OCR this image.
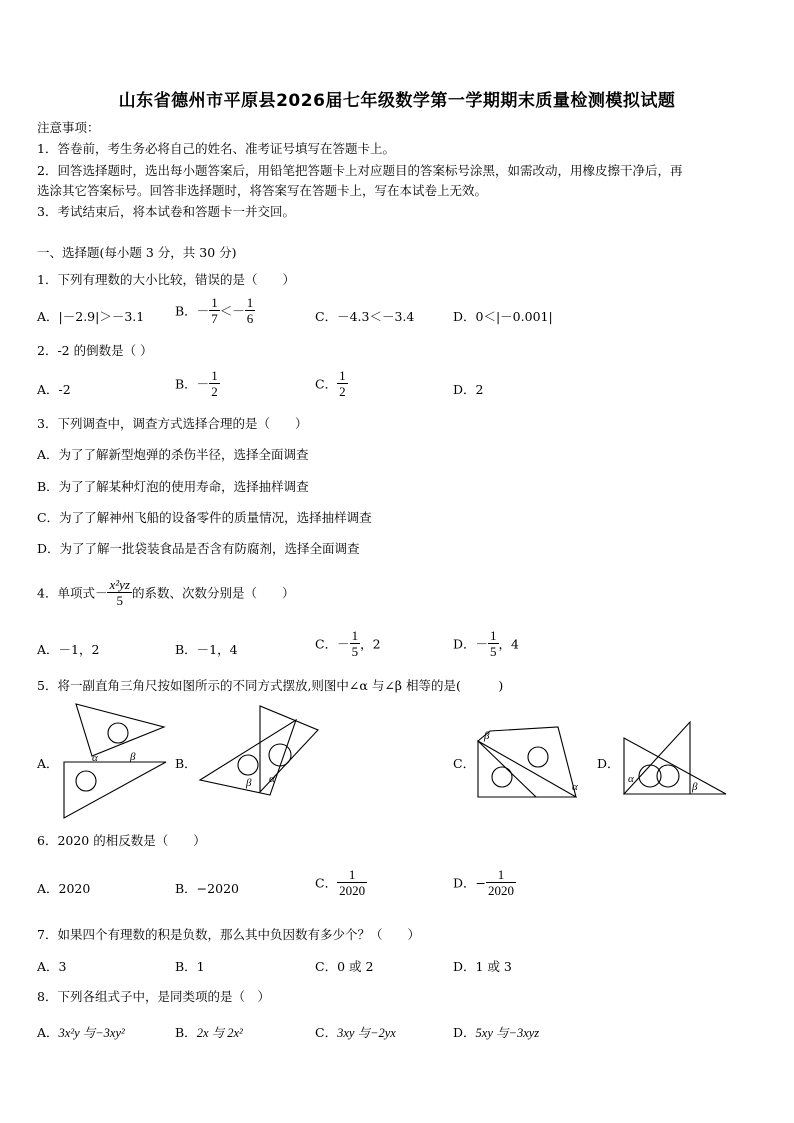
山东省德州市平原县2026届七年级数学第一学期期末质量检测模拟试题
注意事项：
1．答卷前，考生务必将自己的姓名、准考证号填写在答题卡上。
2．回答选择题时，选出每小题答案后，用铅笔把答题卡上对应题目的答案标号涂黑，如需改动，用橡皮擦干净后，再
选涂其它答案标号。回答非选择题时，将答案写在答题卡上，写在本试卷上无效。
3．考试结束后，将本试卷和答题卡一并交回。
一、选择题(每小题 3 分，共 30 分)
1．下列有理数的大小比较，错误的是（　　）
A．|－2.9|＞－3.1 B．－ $\frac{1}{7} <- \frac{1}{6}$	C．－4.3＜－3.4	D．0＜|－0.001|
2．-2 的倒数是（ ）
A．-2	B．－ $\frac{1}{2}$	C． $\frac{1}{2}$	D．2
3．下列调查中，调查方式选择合理的是（　　）
A．为了了解新型炮弹的杀伤半径，选择全面调查
B．为了了解某种灯泡的使用寿命，选择抽样调查
C．为了了解神州飞船的设备零件的质量情况，选择抽样调查
D．为了了解一批袋装食品是否含有防腐剂，选择全面调查
4．单项式－ $\frac{\text{x²yz}}{5}$ 的系数、次数分别是（　　）
A．－1，2	B．－1，4	C．－ $\frac{1}{5}$ ，2	D．－ $\frac{1}{5}$ ，4
5．将一副直角三角尺按如图所示的不同方式摆放,则图中∠α 与∠β 相等的是(　　　)
A．	B．	C．	D．
α	β
β α
β
α
α
β
6．2020 的相反数是（　　）
A．2020	B．−2020	C． $\frac{1}{2020}$	D．− $\frac{1}{2020}$
7．如果四个有理数的积是负数，那么其中负因数有多少个？（　　）
A．3	B．1	C．0 或 2	D．1 或 3
8．下列各组式子中，是同类项的是（　）
A．3x²y 与−3xy²	B．2x 与 2x²	C．3xy 与−2yx	D．5xy 与−3xyz
